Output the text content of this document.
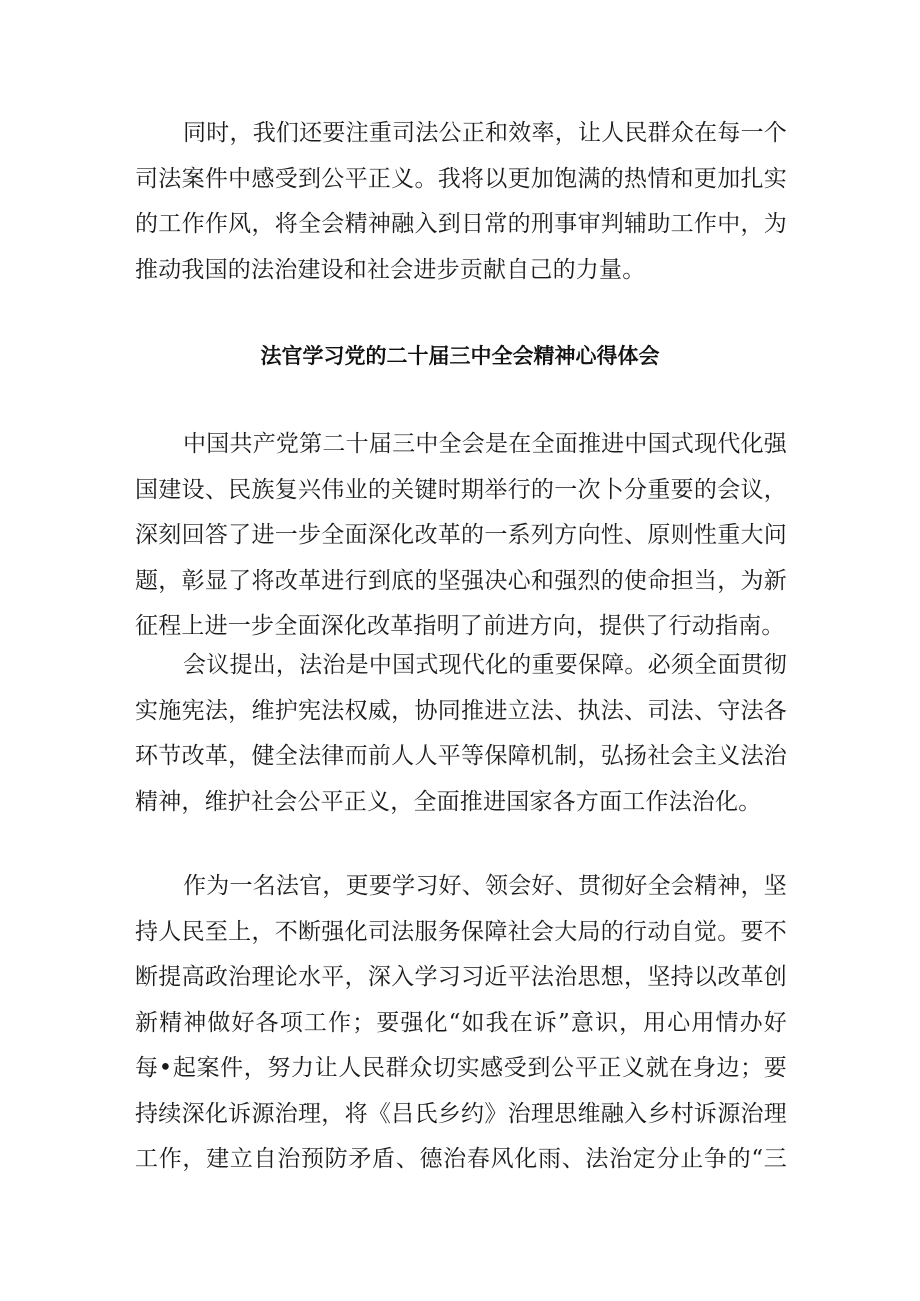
同时，我们还要注重司法公正和效率，让人民群众在每一个
司法案件中感受到公平正义。我将以更加饱满的热情和更加扎实
的工作作风，将全会精神融入到日常的刑事审判辅助工作中，为
推动我国的法治建设和社会进步贡献自己的力量。
法官学习党的二十届三中全会精神心得体会
中国共产党第二十届三中全会是在全面推进中国式现代化强
国建设、民族复兴伟业的关键时期举行的一次卜分重要的会议，
深刻回答了进一步全面深化改革的一系列方向性、原则性重大问
题，彰显了将改革进行到底的坚强决心和强烈的使命担当，为新
征程上进一步全面深化改革指明了前进方向，提供了行动指南。
会议提出，法治是中国式现代化的重要保障。必须全面贯彻
实施宪法，维护宪法权威，协同推进立法、执法、司法、守法各
环节改革，健全法律而前人人平等保障机制，弘扬社会主义法治
精神，维护社会公平正义，全面推进国家各方面工作法治化。
作为一名法官，更要学习好、领会好、贯彻好全会精神，坚
持人民至上，不断强化司法服务保障社会大局的行动自觉。要不
断提高政治理论水平，深入学习习近平法治思想，坚持以改革创
新精神做好各项工作；要强化“如我在诉”意识，用心用情办好
每•起案件，努力让人民群众切实感受到公平正义就在身边；要
持续深化诉源治理，将《吕氏乡约》治理思维融入乡村诉源治理
工作，建立自治预防矛盾、德治春风化雨、法治定分止争的“三
